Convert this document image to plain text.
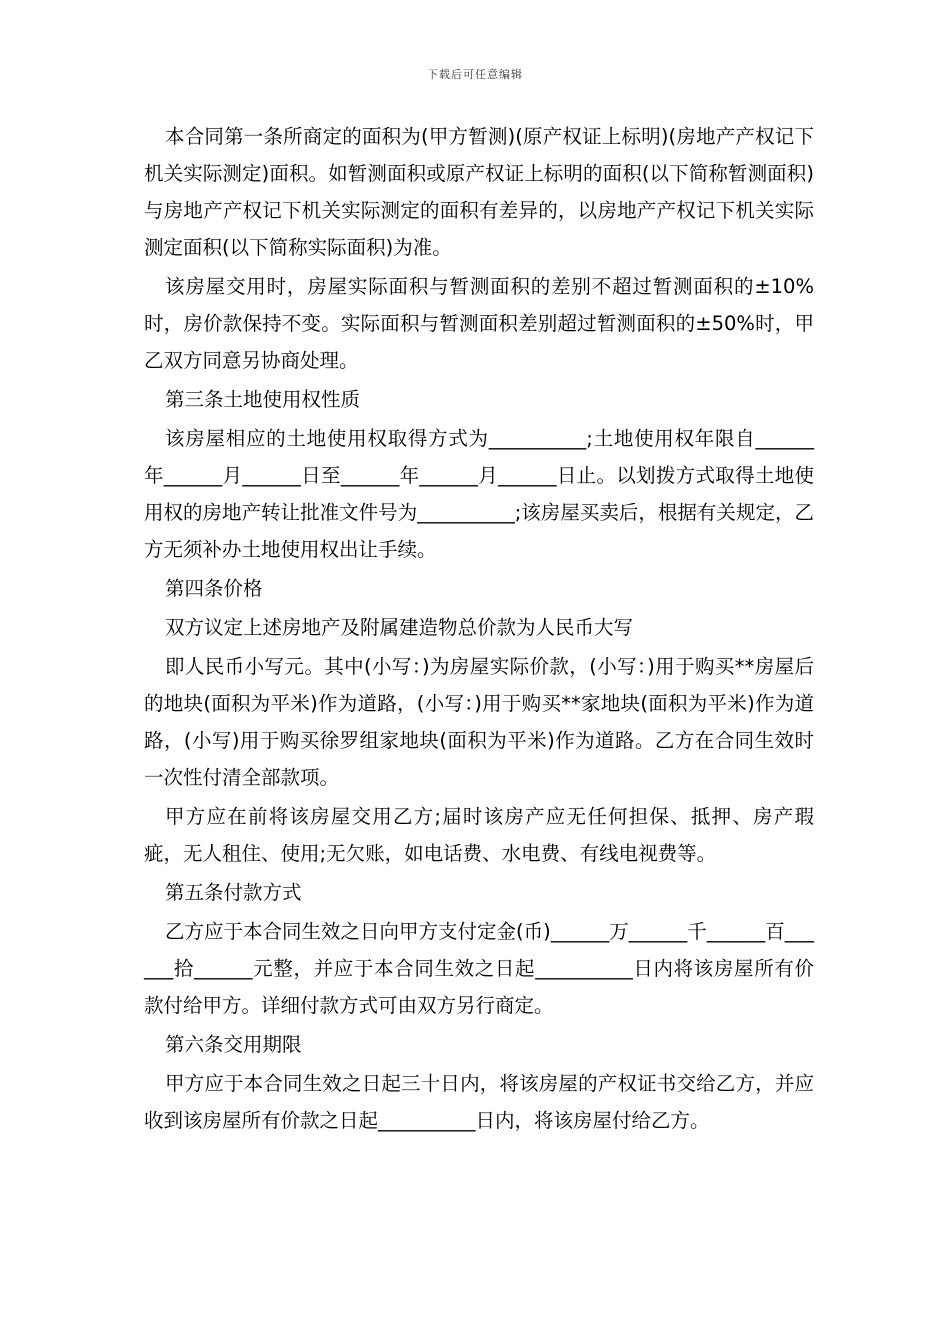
下载后可任意编辑

本合同第一条所商定的面积为(甲方暂测)(原产权证上标明)(房地产产权记下机关实际测定)面积。如暂测面积或原产权证上标明的面积(以下简称暂测面积)与房地产产权记下机关实际测定的面积有差异的，以房地产产权记下机关实际测定面积(以下简称实际面积)为准。

该房屋交用时，房屋实际面积与暂测面积的差别不超过暂测面积的±10%时，房价款保持不变。实际面积与暂测面积差别超过暂测面积的±50%时，甲乙双方同意另协商处理。

第三条土地使用权性质

该房屋相应的土地使用权取得方式为__________;土地使用权年限自______年______月______日至______年______月______日止。以划拨方式取得土地使用权的房地产转让批准文件号为__________;该房屋买卖后，根据有关规定，乙方无须补办土地使用权出让手续。

第四条价格

双方议定上述房地产及附属建造物总价款为人民币大写

即人民币小写元。其中(小写：)为房屋实际价款，(小写：)用于购买**房屋后的地块(面积为平米)作为道路，(小写：)用于购买**家地块(面积为平米)作为道路，(小写)用于购买徐罗组家地块(面积为平米)作为道路。乙方在合同生效时一次性付清全部款项。

甲方应在前将该房屋交用乙方;届时该房产应无任何担保、抵押、房产瑕疵，无人租住、使用;无欠账，如电话费、水电费、有线电视费等。

第五条付款方式

乙方应于本合同生效之日向甲方支付定金(币)______万______千______百______拾______元整，并应于本合同生效之日起__________日内将该房屋所有价款付给甲方。详细付款方式可由双方另行商定。

第六条交用期限

甲方应于本合同生效之日起三十日内，将该房屋的产权证书交给乙方，并应收到该房屋所有价款之日起__________日内，将该房屋付给乙方。
